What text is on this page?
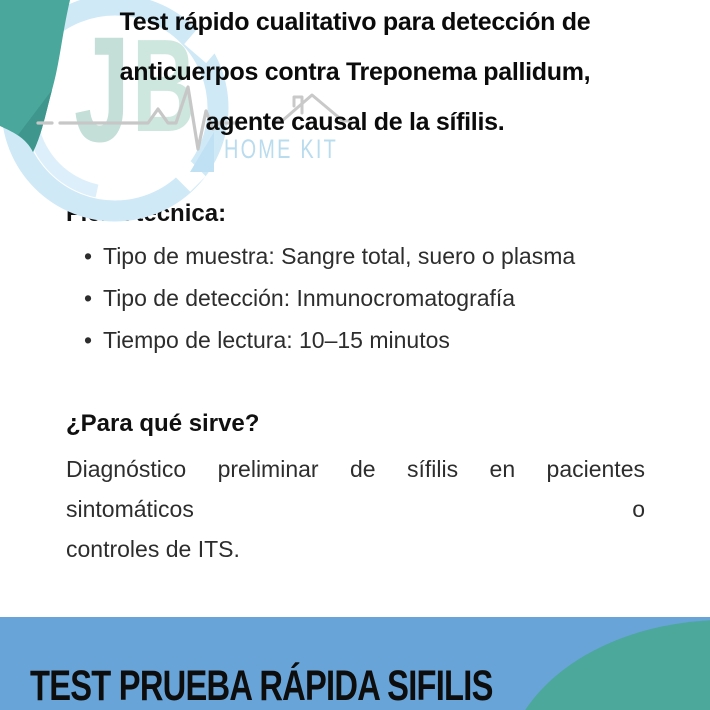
J B HOME KIT
Test rápido cualitativo para detección de
anticuerpos contra Treponema pallidum,
agente causal de la sífilis.
Ficha técnica:
•
Tipo de muestra: Sangre total, suero o plasma
•
Tipo de detección: Inmunocromatografía
•
Tiempo de lectura: 10–15 minutos
¿Para qué sirve?
Diagnóstico preliminar de sífilis en pacientes sintomáticos o
controles de ITS.
TEST PRUEBA RÁPIDA SIFILIS
